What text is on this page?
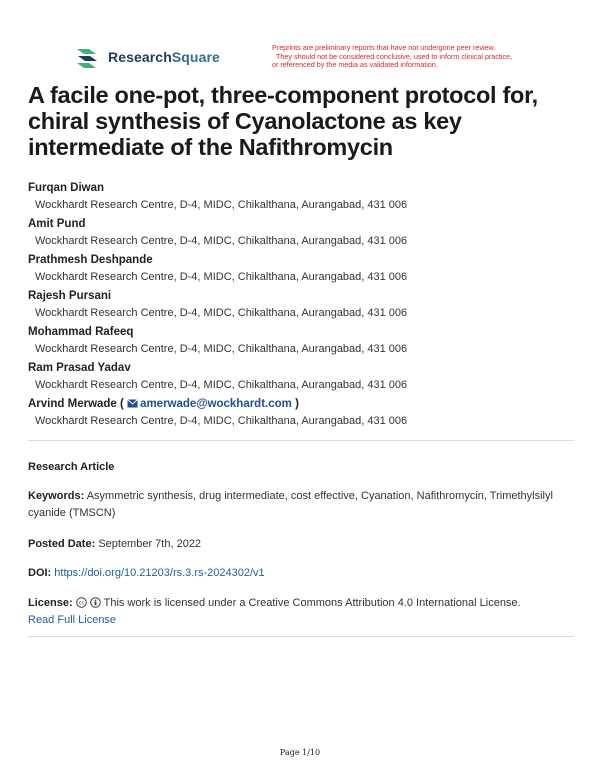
ResearchSquare
Preprints are preliminary reports that have not undergone peer review.
They should not be considered conclusive, used to inform clinical practice,
or referenced by the media as validated information.
A facile one-pot, three-component protocol for, chiral synthesis of Cyanolactone as key intermediate of the Nafithromycin
Furqan Diwan
Wockhardt Research Centre, D-4, MIDC, Chikalthana, Aurangabad, 431 006
Amit Pund
Wockhardt Research Centre, D-4, MIDC, Chikalthana, Aurangabad, 431 006
Prathmesh Deshpande
Wockhardt Research Centre, D-4, MIDC, Chikalthana, Aurangabad, 431 006
Rajesh Pursani
Wockhardt Research Centre, D-4, MIDC, Chikalthana, Aurangabad, 431 006
Mohammad Rafeeq
Wockhardt Research Centre, D-4, MIDC, Chikalthana, Aurangabad, 431 006
Ram Prasad Yadav
Wockhardt Research Centre, D-4, MIDC, Chikalthana, Aurangabad, 431 006
Arvind Merwade ( amerwade@wockhardt.com )
Wockhardt Research Centre, D-4, MIDC, Chikalthana, Aurangabad, 431 006
Research Article
Keywords: Asymmetric synthesis, drug intermediate, cost effective, Cyanation, Nafithromycin, Trimethylsilyl cyanide (TMSCN)
Posted Date: September 7th, 2022
DOI: https://doi.org/10.21203/rs.3.rs-2024302/v1
License: cc This work is licensed under a Creative Commons Attribution 4.0 International License.
Read Full License
Page 1/10
